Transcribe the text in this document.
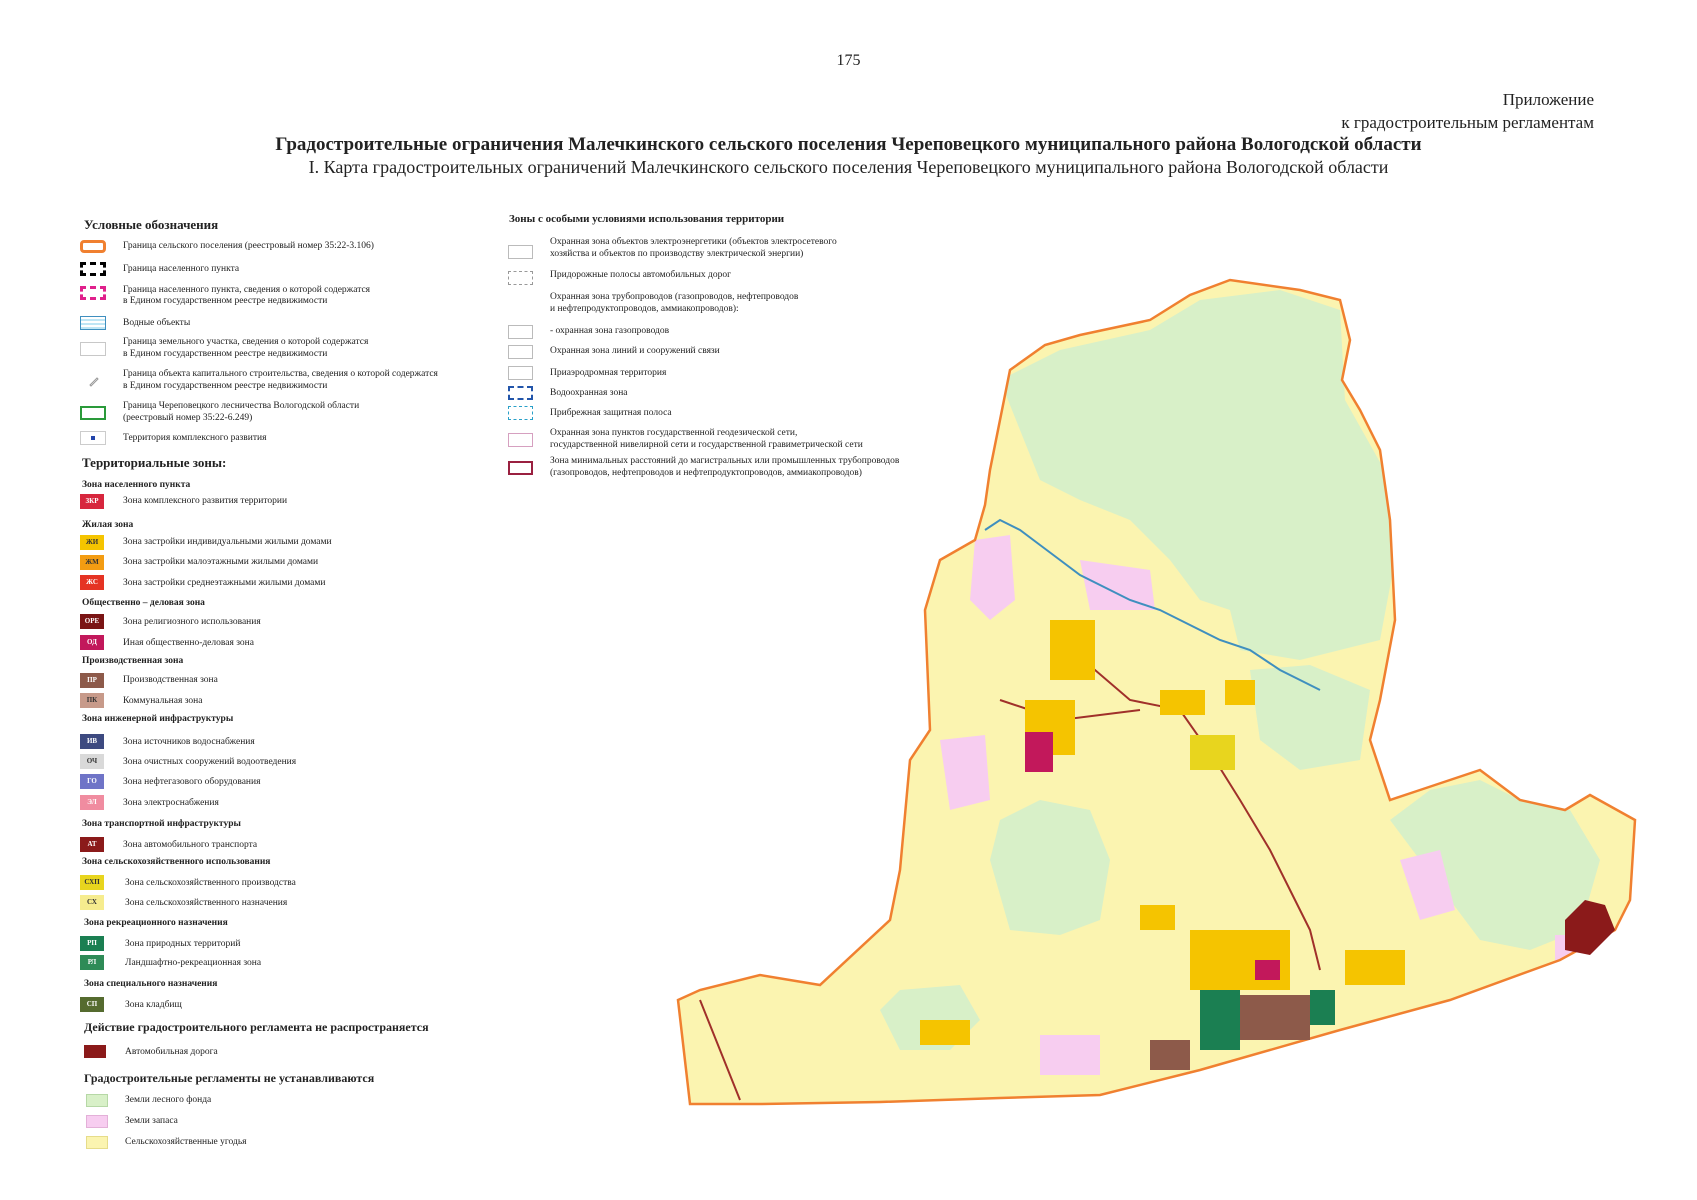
175
Приложение
к градостроительным регламентам
Градостроительные ограничения Малечкинского сельского поселения Череповецкого муниципального района Вологодской области
I. Карта градостроительных ограничений Малечкинского сельского поселения Череповецкого муниципального района Вологодской области
Условные обозначения
Граница сельского поселения (реестровый номер 35:22-3.106)
Граница населенного пункта
Граница населенного пункта, сведения о которой содержатся
в Едином государственном реестре недвижимости
Водные объекты
Граница земельного участка, сведения о которой содержатся
в Едином государственном реестре недвижимости
Граница объекта капитального строительства, сведения о которой содержатся
в Едином государственном реестре недвижимости
Граница Череповецкого лесничества Вологодской области
(реестровый номер 35:22-6.249)
Территория комплексного развития
Территориальные зоны:
Зона населенного пункта
ЗКР	Зона комплексного развития территории
Жилая зона
ЖИ	Зона застройки индивидуальными жилыми домами
ЖМ	Зона застройки малоэтажными жилыми домами
ЖС	Зона застройки среднеэтажными жилыми домами
Общественно – деловая зона
ОРЕ	Зона религиозного использования
ОД	Иная общественно-деловая зона
Производственная зона
ПР	Производственная зона
ПК	Коммунальная зона
Зона инженерной инфраструктуры
ИВ	Зона источников водоснабжения
ОЧ	Зона очистных сооружений водоотведения
ГО	Зона нефтегазового оборудования
ЭЛ	Зона электроснабжения
Зона транспортной инфраструктуры
АТ	Зона автомобильного транспорта
Зона сельскохозяйственного использования
СХП	Зона сельскохозяйственного производства
СХ	Зона сельскохозяйственного назначения
Зона рекреационного назначения
РП	Зона природных территорий
РЛ	Ландшафтно-рекреационная зона
Зона специального назначения
СП	Зона кладбищ
Действие градостроительного регламента не распространяется
Автомобильная дорога
Градостроительные регламенты не устанавливаются
Земли лесного фонда
Земли запаса
Сельскохозяйственные угодья
Зоны с особыми условиями использования территории
Охранная зона объектов электроэнергетики (объектов электросетевого
хозяйства и объектов по производству электрической энергии)
Придорожные полосы автомобильных дорог
Охранная зона трубопроводов (газопроводов, нефтепроводов
и нефтепродуктопроводов, аммиакопроводов):
- охранная зона газопроводов
Охранная зона линий и сооружений связи
Приаэродромная территория
Водоохранная зона
Прибрежная защитная полоса
Охранная зона пунктов государственной геодезической сети,
государственной нивелирной сети и государственной гравиметрической сети
Зона минимальных расстояний до магистральных или промышленных трубопроводов
(газопроводов, нефтепроводов и нефтепродуктопроводов, аммиакопроводов)
